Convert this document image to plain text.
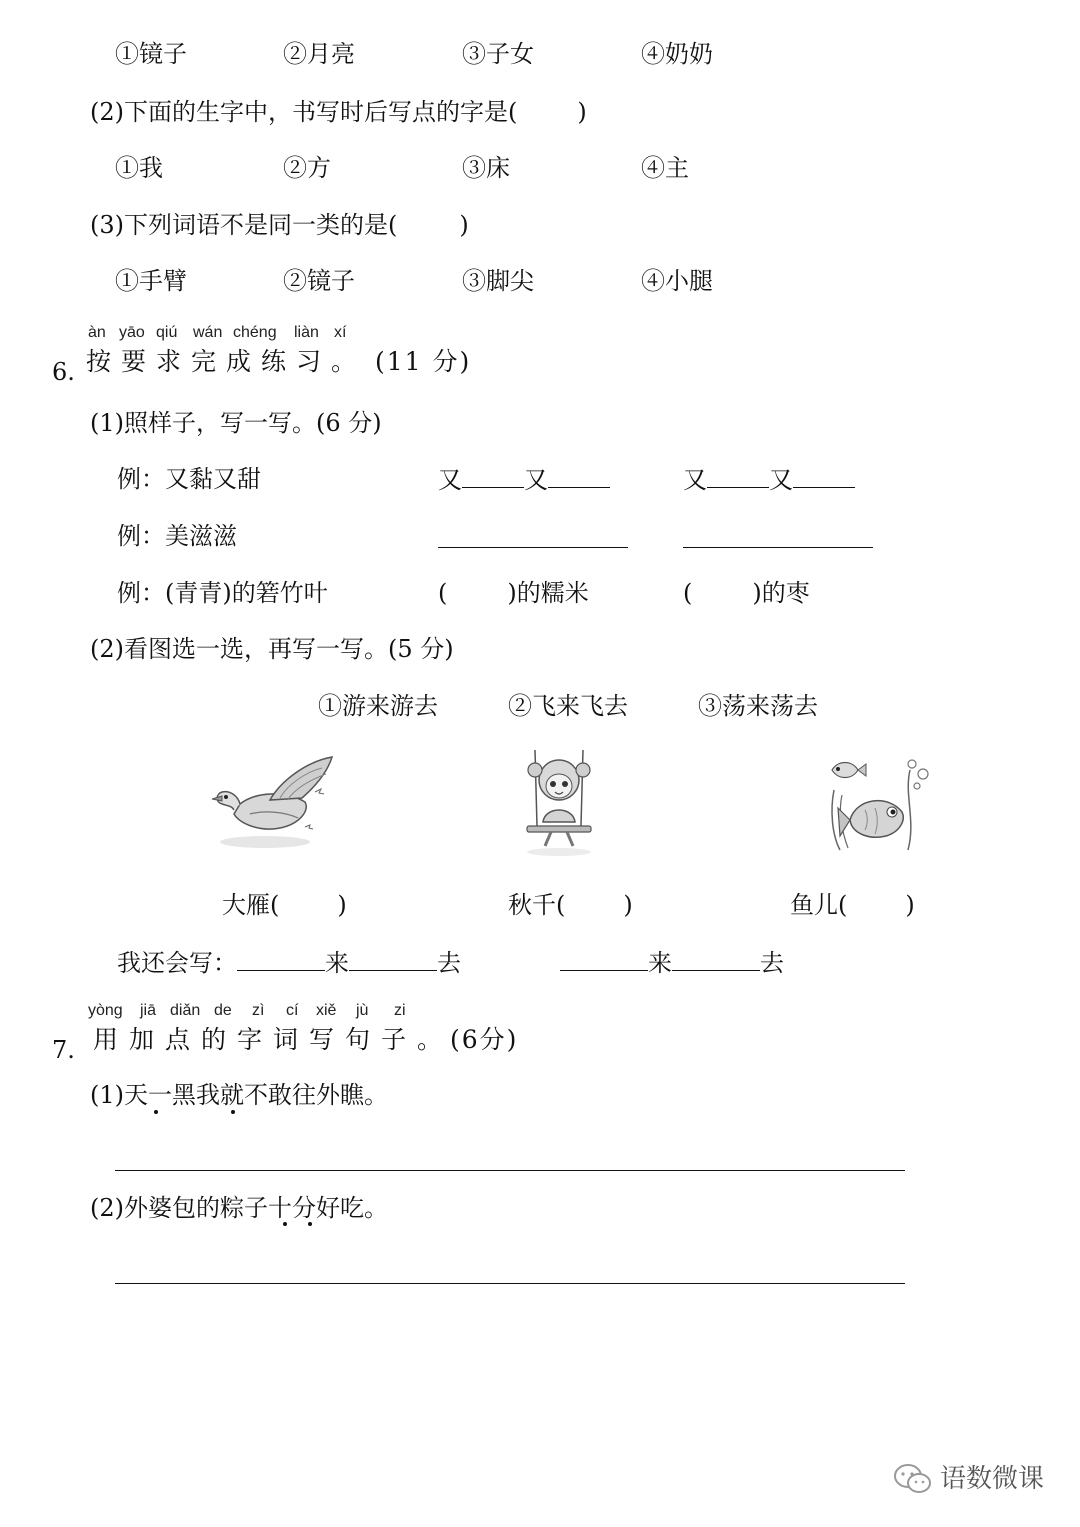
①镜子	②月亮	③子女	④奶奶
(2)下面的生字中，书写时后写点的字是(	)
①我	②方	③床	④主
(3)下列词语不是同一类的是(	)
①手臂	②镜子	③脚尖	④小腿
àn yāo qiú wán chéng liàn xí
6. 按要求完成练习。 (11 分)
(1)照样子，写一写。(6 分)
例：又黏又甜	又	又	又	又
例：美滋滋
例：(青青)的箬竹叶	(	)的糯米	(	)的枣
(2)看图选一选，再写一写。(5 分)
①游来游去	②飞来飞去	③荡来荡去
大雁( )	秋千( )	鱼儿( )
我还会写：	来	去	来	去
yòng jiā diǎn de zì cí xiě jù zi
7. 用加点的字词写句子。
(6分)
(1)天一黑我就不敢往外瞧。
(2)外婆包的粽子十分好吃。
语数微课
